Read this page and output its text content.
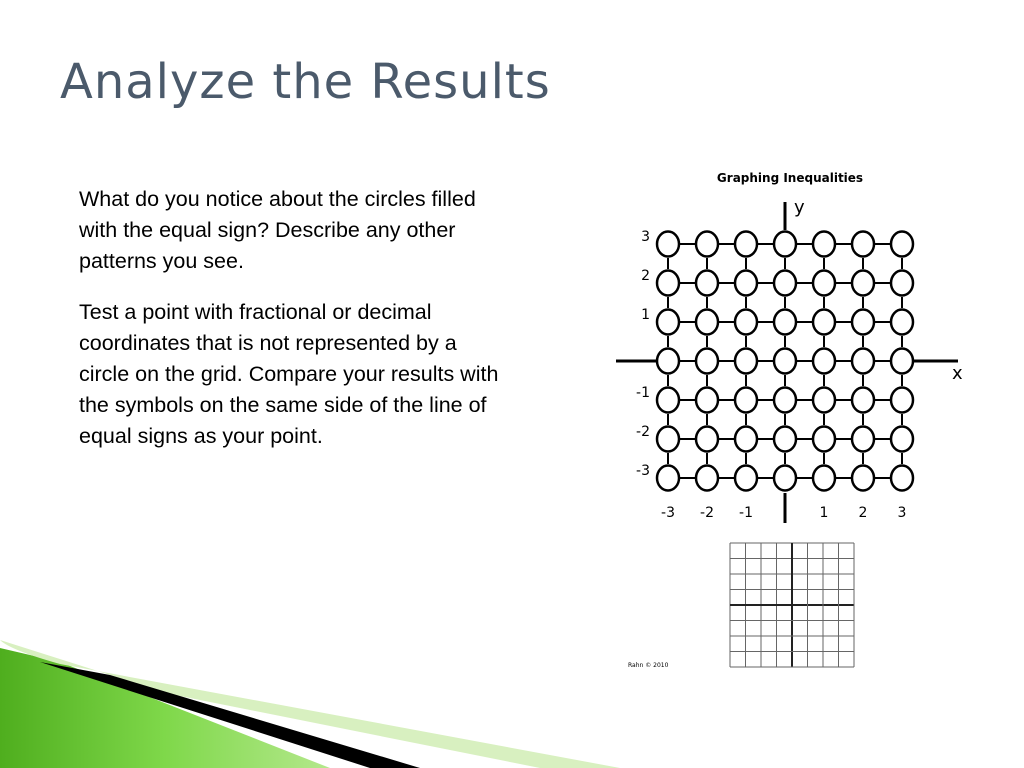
Analyze the Results

What do you notice about the circles filled with the equal sign? Describe any other patterns you see.

Test a point with fractional or decimal coordinates that is not represented by a circle on the grid. Compare your results with the symbols on the same side of the line of equal signs as your point.

Graphing Inequalities
3
2
1
-1
-2
-3
-3 -2 -1	1 2 3
x
y
Rahn © 2010
